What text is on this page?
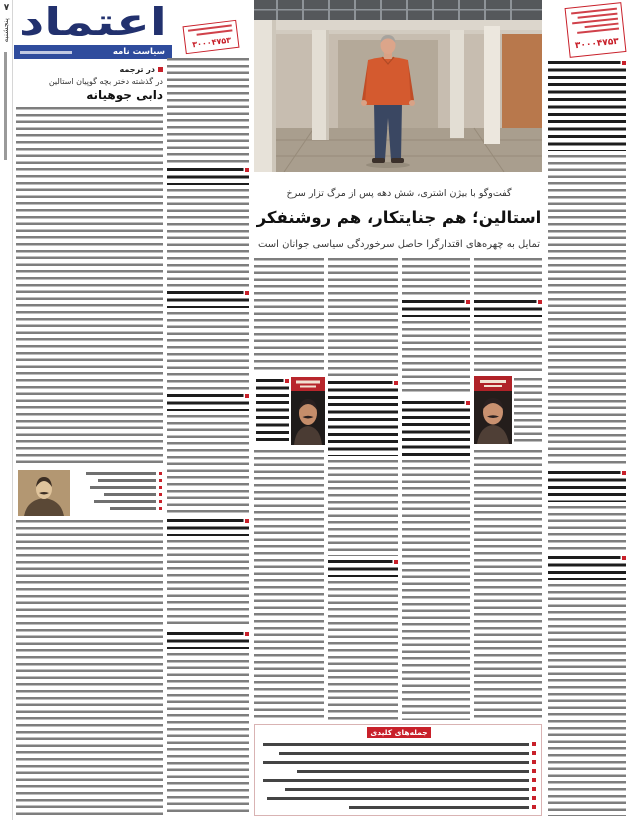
۷
پنجشنبه اعتماد
سیاست نامه
۳۰۰۰۴۷۵۳	۳۰۰۰۴۷۵۳
گفت‌وگو با بیژن اشتری، شش دهه پس از مرگ تزار سرخ
استالین؛ هم جنایتکار، هم روشنفکر
تمایل به چهره‌های اقتدارگرا حاصل سرخوردگی سیاسی جوانان است
در ترجمه
در گذشته دختر بچه گوپیان استالین
دابی جوهیانه
جمله‌های کلیدی
